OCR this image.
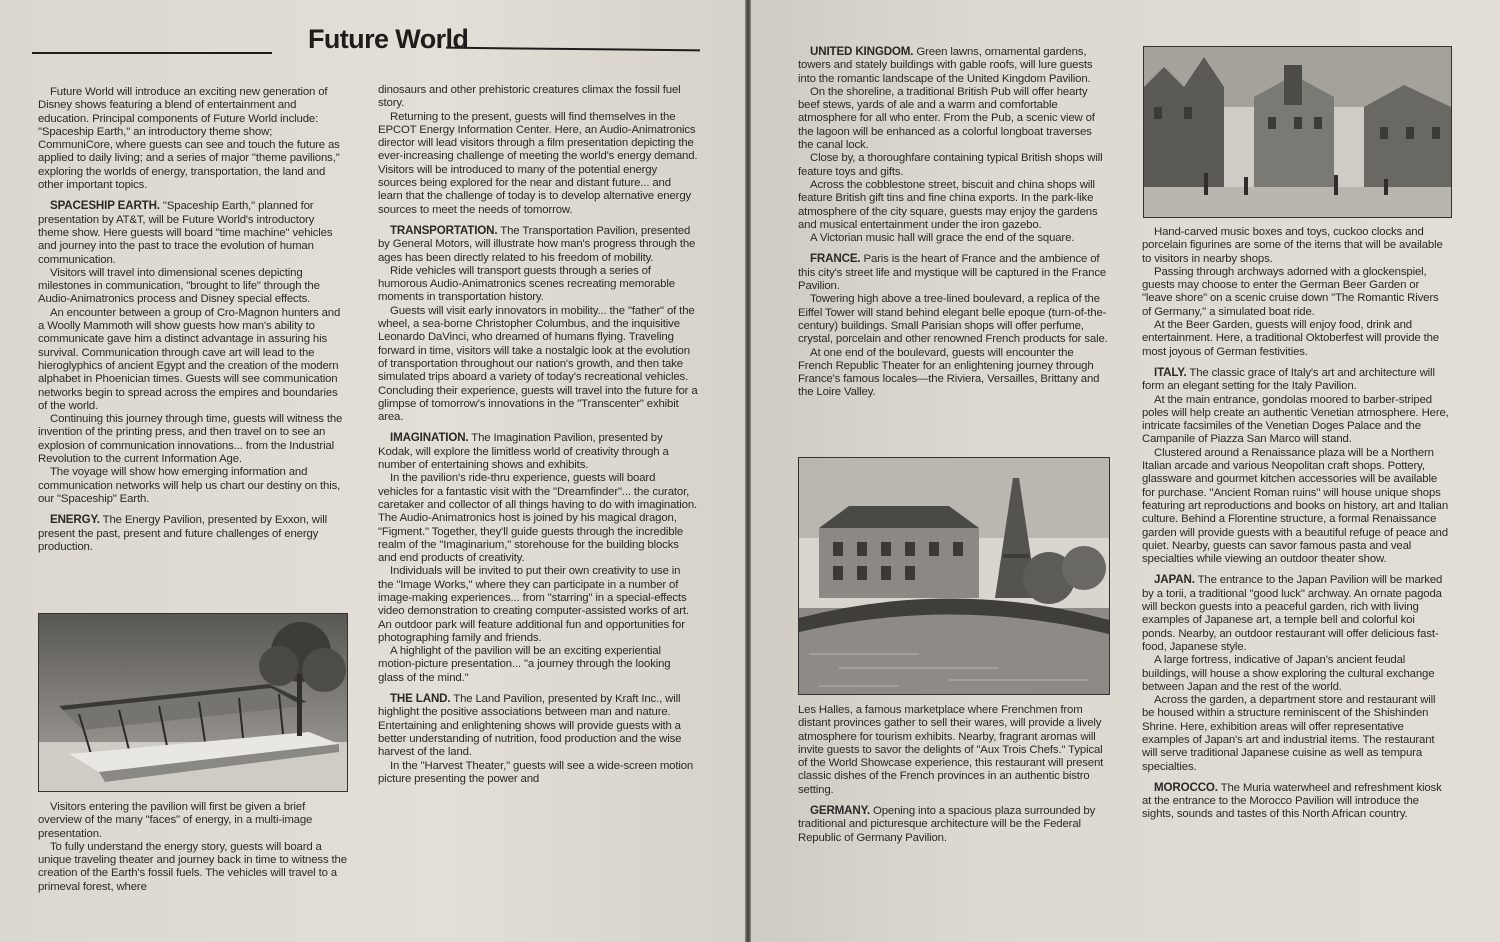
Future World

Future World will introduce an exciting new generation of Disney shows featuring a blend of entertainment and education. Principal components of Future World include: "Spaceship Earth," an introductory theme show; CommuniCore, where guests can see and touch the future as applied to daily living; and a series of major "theme pavilions," exploring the worlds of energy, transportation, the land and other important topics.

SPACESHIP EARTH. "Spaceship Earth," planned for presentation by AT&T, will be Future World's introductory theme show. Here guests will board "time machine" vehicles and journey into the past to trace the evolution of human communication.

Visitors will travel into dimensional scenes depicting milestones in communication, "brought to life" through the Audio-Animatronics process and Disney special effects.

An encounter between a group of Cro-Magnon hunters and a Woolly Mammoth will show guests how man's ability to communicate gave him a distinct advantage in assuring his survival. Communication through cave art will lead to the hieroglyphics of ancient Egypt and the creation of the modern alphabet in Phoenician times. Guests will see communication networks begin to spread across the empires and boundaries of the world.

Continuing this journey through time, guests will witness the invention of the printing press, and then travel on to see an explosion of communication innovations... from the Industrial Revolution to the current Information Age.

The voyage will show how emerging information and communication networks will help us chart our destiny on this, our "Spaceship" Earth.

ENERGY. The Energy Pavilion, presented by Exxon, will present the past, present and future challenges of energy production.

Visitors entering the pavilion will first be given a brief overview of the many "faces" of energy, in a multi-image presentation.

To fully understand the energy story, guests will board a unique traveling theater and journey back in time to witness the creation of the Earth's fossil fuels. The vehicles will travel to a primeval forest, where

dinosaurs and other prehistoric creatures climax the fossil fuel story.

Returning to the present, guests will find themselves in the EPCOT Energy Information Center. Here, an Audio-Animatronics director will lead visitors through a film presentation depicting the ever-increasing challenge of meeting the world's energy demand. Visitors will be introduced to many of the potential energy sources being explored for the near and distant future... and learn that the challenge of today is to develop alternative energy sources to meet the needs of tomorrow.

TRANSPORTATION. The Transportation Pavilion, presented by General Motors, will illustrate how man's progress through the ages has been directly related to his freedom of mobility.

Ride vehicles will transport guests through a series of humorous Audio-Animatronics scenes recreating memorable moments in transportation history.

Guests will visit early innovators in mobility... the "father" of the wheel, a sea-borne Christopher Columbus, and the inquisitive Leonardo DaVinci, who dreamed of humans flying. Traveling forward in time, visitors will take a nostalgic look at the evolution of transportation throughout our nation's growth, and then take simulated trips aboard a variety of today's recreational vehicles. Concluding their experience, guests will travel into the future for a glimpse of tomorrow's innovations in the "Transcenter" exhibit area.

IMAGINATION. The Imagination Pavilion, presented by Kodak, will explore the limitless world of creativity through a number of entertaining shows and exhibits.

In the pavilion's ride-thru experience, guests will board vehicles for a fantastic visit with the "Dreamfinder"... the curator, caretaker and collector of all things having to do with imagination. The Audio-Animatronics host is joined by his magical dragon, "Figment." Together, they'll guide guests through the incredible realm of the "Imaginarium," storehouse for the building blocks and end products of creativity.

Individuals will be invited to put their own creativity to use in the "Image Works," where they can participate in a number of image-making experiences... from "starring" in a special-effects video demonstration to creating computer-assisted works of art. An outdoor park will feature additional fun and opportunities for photographing family and friends.

A highlight of the pavilion will be an exciting experiential motion-picture presentation... "a journey through the looking glass of the mind."

THE LAND. The Land Pavilion, presented by Kraft Inc., will highlight the positive associations between man and nature. Entertaining and enlightening shows will provide guests with a better understanding of nutrition, food production and the wise harvest of the land.

In the "Harvest Theater," guests will see a wide-screen motion picture presenting the power and

UNITED KINGDOM. Green lawns, ornamental gardens, towers and stately buildings with gable roofs, will lure guests into the romantic landscape of the United Kingdom Pavilion.

On the shoreline, a traditional British Pub will offer hearty beef stews, yards of ale and a warm and comfortable atmosphere for all who enter. From the Pub, a scenic view of the lagoon will be enhanced as a colorful longboat traverses the canal lock.

Close by, a thoroughfare containing typical British shops will feature toys and gifts.

Across the cobblestone street, biscuit and china shops will feature British gift tins and fine china exports. In the park-like atmosphere of the city square, guests may enjoy the gardens and musical entertainment under the iron gazebo.

A Victorian music hall will grace the end of the square.

FRANCE. Paris is the heart of France and the ambience of this city's street life and mystique will be captured in the France Pavilion.

Towering high above a tree-lined boulevard, a replica of the Eiffel Tower will stand behind elegant belle epoque (turn-of-the-century) buildings. Small Parisian shops will offer perfume, crystal, porcelain and other renowned French products for sale.

At one end of the boulevard, guests will encounter the French Republic Theater for an enlightening journey through France's famous locales—the Riviera, Versailles, Brittany and the Loire Valley.

Les Halles, a famous marketplace where Frenchmen from distant provinces gather to sell their wares, will provide a lively atmosphere for tourism exhibits. Nearby, fragrant aromas will invite guests to savor the delights of "Aux Trois Chefs." Typical of the World Showcase experience, this restaurant will present classic dishes of the French provinces in an authentic bistro setting.

GERMANY. Opening into a spacious plaza surrounded by traditional and picturesque architecture will be the Federal Republic of Germany Pavilion.

Hand-carved music boxes and toys, cuckoo clocks and porcelain figurines are some of the items that will be available to visitors in nearby shops.

Passing through archways adorned with a glockenspiel, guests may choose to enter the German Beer Garden or "leave shore" on a scenic cruise down "The Romantic Rivers of Germany," a simulated boat ride.

At the Beer Garden, guests will enjoy food, drink and entertainment. Here, a traditional Oktoberfest will provide the most joyous of German festivities.

ITALY. The classic grace of Italy's art and architecture will form an elegant setting for the Italy Pavilion.

At the main entrance, gondolas moored to barber-striped poles will help create an authentic Venetian atmosphere. Here, intricate facsimiles of the Venetian Doges Palace and the Campanile of Piazza San Marco will stand.

Clustered around a Renaissance plaza will be a Northern Italian arcade and various Neopolitan craft shops. Pottery, glassware and gourmet kitchen accessories will be available for purchase. "Ancient Roman ruins" will house unique shops featuring art reproductions and books on history, art and Italian culture. Behind a Florentine structure, a formal Renaissance garden will provide guests with a beautiful refuge of peace and quiet. Nearby, guests can savor famous pasta and veal specialties while viewing an outdoor theater show.

JAPAN. The entrance to the Japan Pavilion will be marked by a torii, a traditional "good luck" archway. An ornate pagoda will beckon guests into a peaceful garden, rich with living examples of Japanese art, a temple bell and colorful koi ponds. Nearby, an outdoor restaurant will offer delicious fast-food, Japanese style.

A large fortress, indicative of Japan's ancient feudal buildings, will house a show exploring the cultural exchange between Japan and the rest of the world.

Across the garden, a department store and restaurant will be housed within a structure reminiscent of the Shishinden Shrine. Here, exhibition areas will offer representative examples of Japan's art and industrial items. The restaurant will serve traditional Japanese cuisine as well as tempura specialties.

MOROCCO. The Muria waterwheel and refreshment kiosk at the entrance to the Morocco Pavilion will introduce the sights, sounds and tastes of this North African country.
